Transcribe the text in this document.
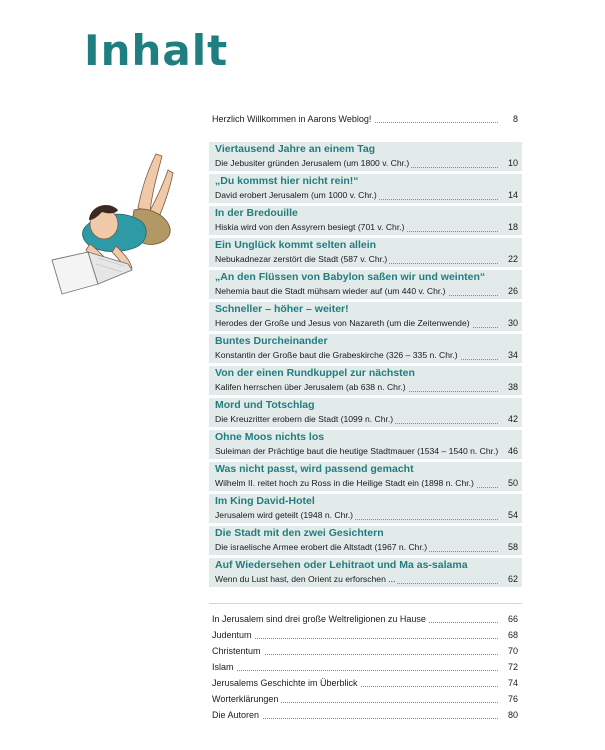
Inhalt
Herzlich Willkommen in Aarons Weblog!	8
Viertausend Jahre an einem Tag
Die Jebusiter gründen Jerusalem (um 1800 v. Chr.)	10
„Du kommst hier nicht rein!“
David erobert Jerusalem (um 1000 v. Chr.)	14
In der Bredouille
Hiskia wird von den Assyrern besiegt (701 v. Chr.)	18
Ein Unglück kommt selten allein
Nebukadnezar zerstört die Stadt (587 v. Chr.)	22
„An den Flüssen von Babylon saßen wir und weinten“
Nehemia baut die Stadt mühsam wieder auf (um 440 v. Chr.)	26
Schneller – höher – weiter!
Herodes der Große und Jesus von Nazareth (um die Zeitenwende)	30
Buntes Durcheinander
Konstantin der Große baut die Grabeskirche (326 – 335 n. Chr.)	34
Von der einen Rundkuppel zur nächsten
Kalifen herrschen über Jerusalem (ab 638 n. Chr.)	38
Mord und Totschlag
Die Kreuzritter erobern die Stadt (1099 n. Chr.)	42
Ohne Moos nichts los
Suleiman der Prächtige baut die heutige Stadtmauer (1534 – 1540 n. Chr.) 46
Was nicht passt, wird passend gemacht
Wilhelm II. reitet hoch zu Ross in die Heilige Stadt ein (1898 n. Chr.)	50
Im King David-Hotel
Jerusalem wird geteilt (1948 n. Chr.)	54
Die Stadt mit den zwei Gesichtern
Die israelische Armee erobert die Altstadt (1967 n. Chr.)	58
Auf Wiedersehen oder Lehitraot und Ma as-salama
Wenn du Lust hast, den Orient zu erforschen ...	62
In Jerusalem sind drei große Weltreligionen zu Hause	66
Judentum	68
Christentum	70
Islam	72
Jerusalems Geschichte im Überblick	74
Worterklärungen	76
Die Autoren	80
